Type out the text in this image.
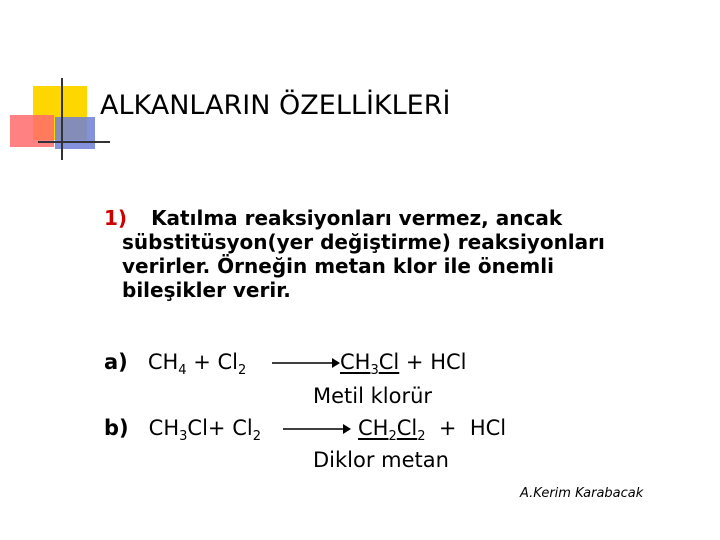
ALKANLARIN ÖZELLİKLERİ
1) Katılma reaksiyonları vermez, ancak
sübstitüsyon(yer değiştirme) reaksiyonları
verirler. Örneğin metan klor ile önemli
bileşikler verir.
a) $CH_4 + Cl_2$	$CH_3Cl$ + HCl
Metil klorür
b) $CH_3Cl+ Cl_2$	$CH_2Cl_2$  +  HCl
Diklor metan
A.Kerim Karabacak
